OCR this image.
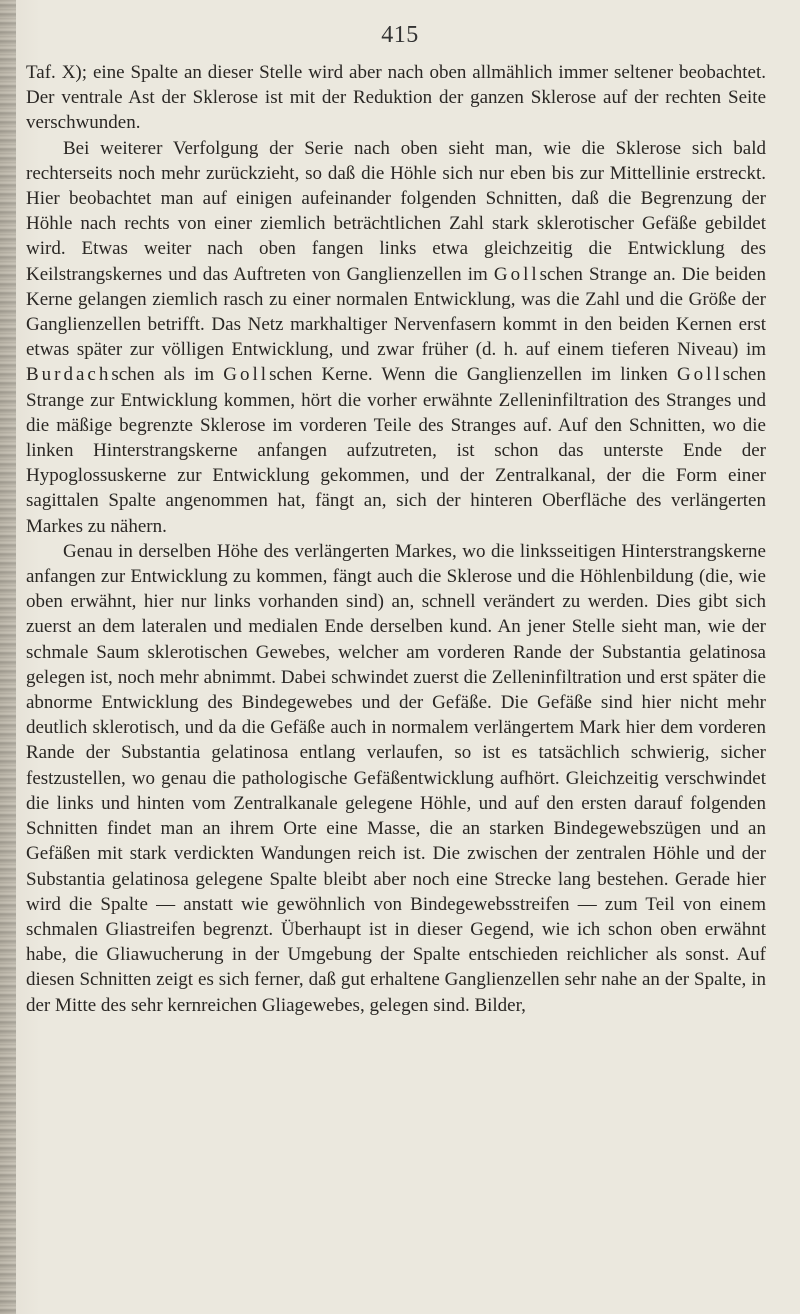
415

Taf. X); eine Spalte an dieser Stelle wird aber nach oben allmählich immer seltener beobachtet. Der ventrale Ast der Sklerose ist mit der Reduktion der ganzen Sklerose auf der rechten Seite verschwunden.

Bei weiterer Verfolgung der Serie nach oben sieht man, wie die Sklerose sich bald rechterseits noch mehr zurückzieht, so daß die Höhle sich nur eben bis zur Mittellinie erstreckt. Hier beobachtet man auf einigen aufeinander folgenden Schnitten, daß die Begrenzung der Höhle nach rechts von einer ziemlich beträchtlichen Zahl stark sklerotischer Gefäße gebildet wird. Etwas weiter nach oben fangen links etwa gleichzeitig die Entwicklung des Keilstrangskernes und das Auftreten von Ganglienzellen im Gollschen Strange an. Die beiden Kerne gelangen ziemlich rasch zu einer normalen Entwicklung, was die Zahl und die Größe der Ganglienzellen betrifft. Das Netz markhaltiger Nervenfasern kommt in den beiden Kernen erst etwas später zur völligen Entwicklung, und zwar früher (d. h. auf einem tieferen Niveau) im Burdachschen als im Gollschen Kerne. Wenn die Ganglienzellen im linken Gollschen Strange zur Entwicklung kommen, hört die vorher erwähnte Zelleninfiltration des Stranges und die mäßige begrenzte Sklerose im vorderen Teile des Stranges auf. Auf den Schnitten, wo die linken Hinterstrangskerne anfangen aufzutreten, ist schon das unterste Ende der Hypoglossuskerne zur Entwicklung gekommen, und der Zentralkanal, der die Form einer sagittalen Spalte angenommen hat, fängt an, sich der hinteren Oberfläche des verlängerten Markes zu nähern.

Genau in derselben Höhe des verlängerten Markes, wo die linksseitigen Hinterstrangskerne anfangen zur Entwicklung zu kommen, fängt auch die Sklerose und die Höhlenbildung (die, wie oben erwähnt, hier nur links vorhanden sind) an, schnell verändert zu werden. Dies gibt sich zuerst an dem lateralen und medialen Ende derselben kund. An jener Stelle sieht man, wie der schmale Saum sklerotischen Gewebes, welcher am vorderen Rande der Substantia gelatinosa gelegen ist, noch mehr abnimmt. Dabei schwindet zuerst die Zelleninfiltration und erst später die abnorme Entwicklung des Bindegewebes und der Gefäße. Die Gefäße sind hier nicht mehr deutlich sklerotisch, und da die Gefäße auch in normalem verlängertem Mark hier dem vorderen Rande der Substantia gelatinosa entlang verlaufen, so ist es tatsächlich schwierig, sicher festzustellen, wo genau die pathologische Gefäßentwicklung aufhört. Gleichzeitig verschwindet die links und hinten vom Zentralkanale gelegene Höhle, und auf den ersten darauf folgenden Schnitten findet man an ihrem Orte eine Masse, die an starken Bindegewebszügen und an Gefäßen mit stark verdickten Wandungen reich ist. Die zwischen der zentralen Höhle und der Substantia gelatinosa gelegene Spalte bleibt aber noch eine Strecke lang bestehen. Gerade hier wird die Spalte — anstatt wie gewöhnlich von Bindegewebsstreifen — zum Teil von einem schmalen Gliastreifen begrenzt. Überhaupt ist in dieser Gegend, wie ich schon oben erwähnt habe, die Gliawucherung in der Umgebung der Spalte entschieden reichlicher als sonst. Auf diesen Schnitten zeigt es sich ferner, daß gut erhaltene Ganglienzellen sehr nahe an der Spalte, in der Mitte des sehr kernreichen Gliagewebes, gelegen sind. Bilder,
